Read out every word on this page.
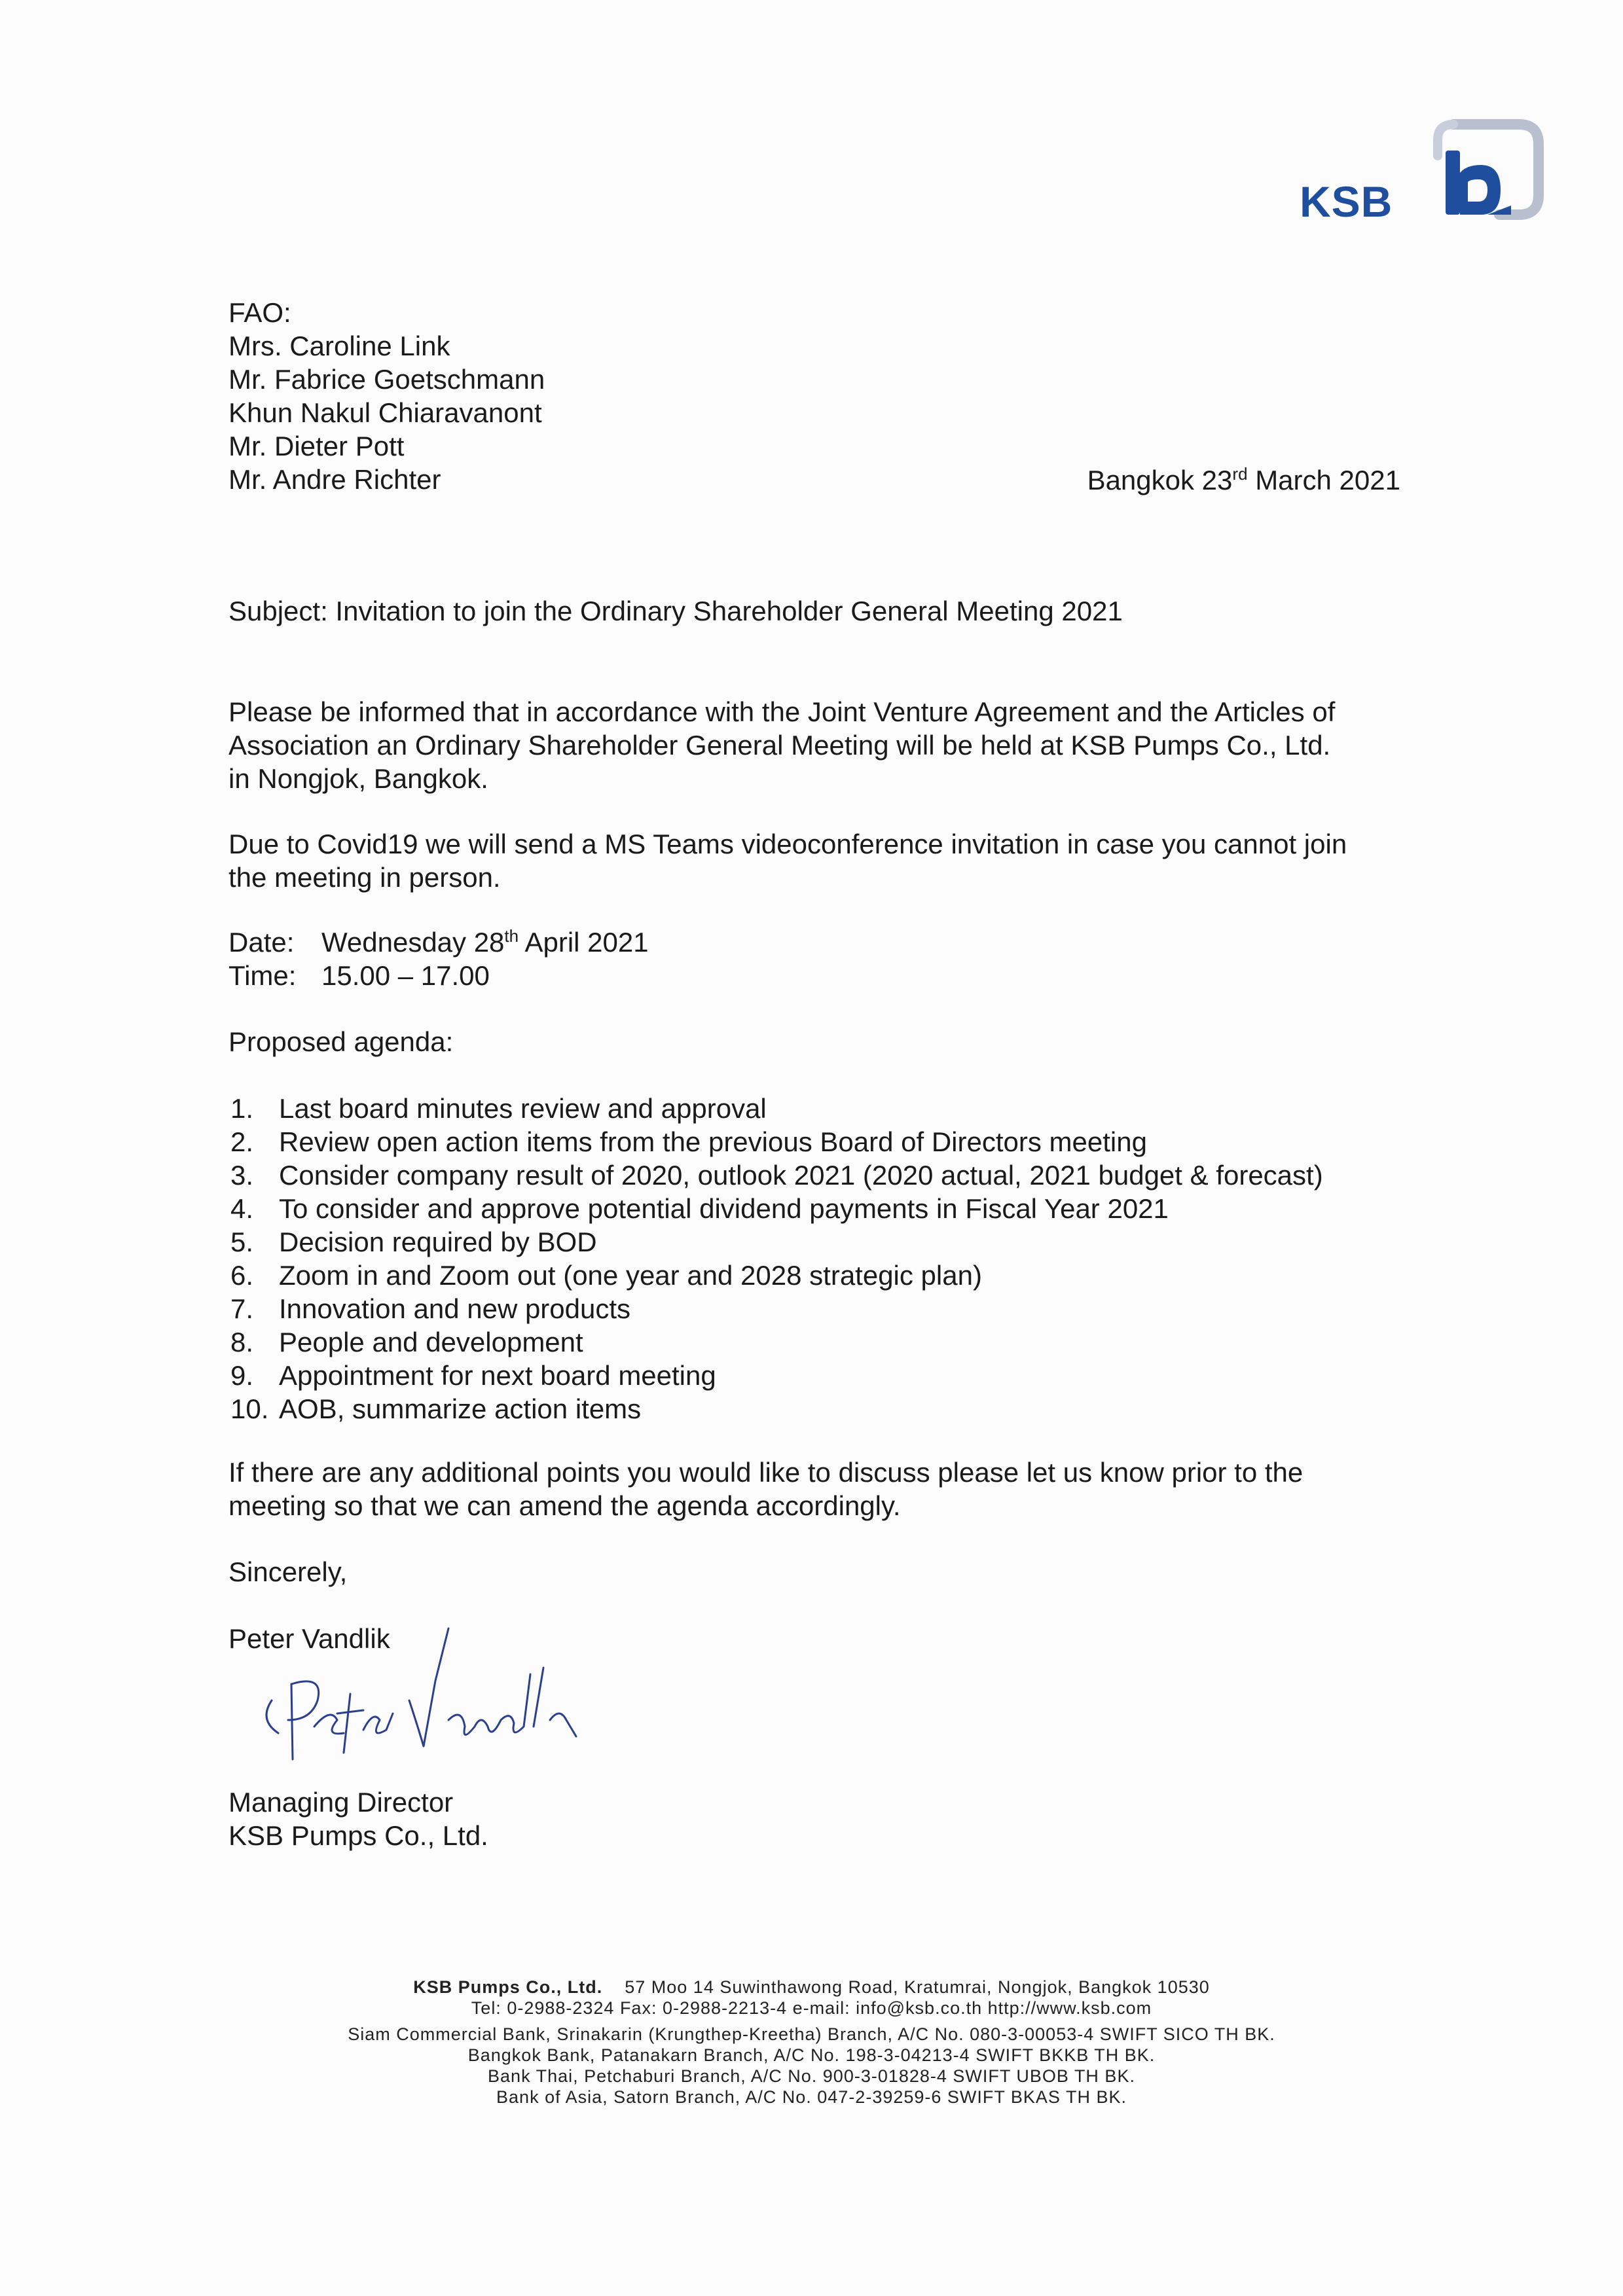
KSB
FAO:
Mrs. Caroline Link
Mr. Fabrice Goetschmann
Khun Nakul Chiaravanont
Mr. Dieter Pott
Mr. Andre Richter	Bangkok 23rd March 2021
Subject: Invitation to join the Ordinary Shareholder General Meeting 2021
Please be informed that in accordance with the Joint Venture Agreement and the Articles of
Association an Ordinary Shareholder General Meeting will be held at KSB Pumps Co., Ltd.
in Nongjok, Bangkok.
Due to Covid19 we will send a MS Teams videoconference invitation in case you cannot join
the meeting in person.
Date: Wednesday 28th April 2021
Time: 15.00 – 17.00
Proposed agenda:
1. Last board minutes review and approval
2. Review open action items from the previous Board of Directors meeting
3. Consider company result of 2020, outlook 2021 (2020 actual, 2021 budget & forecast)
4. To consider and approve potential dividend payments in Fiscal Year 2021
5. Decision required by BOD
6. Zoom in and Zoom out (one year and 2028 strategic plan)
7. Innovation and new products
8. People and development
9. Appointment for next board meeting
10. AOB, summarize action items
If there are any additional points you would like to discuss please let us know prior to the
meeting so that we can amend the agenda accordingly.
Sincerely,
Peter Vandlik
Managing Director
KSB Pumps Co., Ltd.
KSB Pumps Co., Ltd. 57 Moo 14 Suwinthawong Road, Kratumrai, Nongjok, Bangkok 10530
Tel: 0-2988-2324 Fax: 0-2988-2213-4 e-mail: info@ksb.co.th http://www.ksb.com
Siam Commercial Bank, Srinakarin (Krungthep-Kreetha) Branch, A/C No. 080-3-00053-4 SWIFT SICO TH BK.
Bangkok Bank, Patanakarn Branch, A/C No. 198-3-04213-4 SWIFT BKKB TH BK.
Bank Thai, Petchaburi Branch, A/C No. 900-3-01828-4 SWIFT UBOB TH BK.
Bank of Asia, Satorn Branch, A/C No. 047-2-39259-6 SWIFT BKAS TH BK.
